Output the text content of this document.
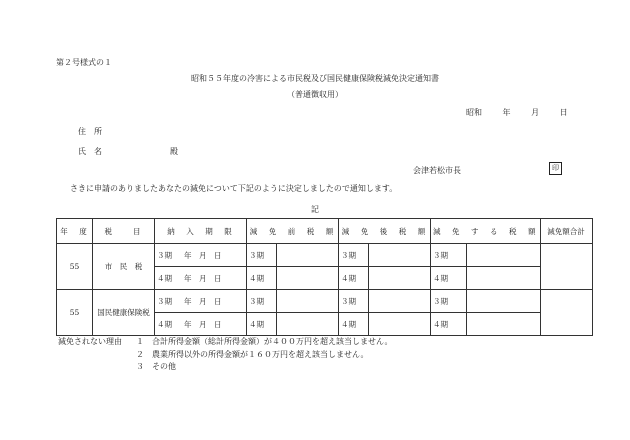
第２号様式の１
昭和５５年度の冷害による市民税及び国民健康保険税減免決定通知書
（普通徴収用）
昭和	年	月	日
住　所
氏　名	殿
会津若松市長	印
さきに申請のありましたあなたの減免について下記のように決定しましたので通知します。
記
年　度	税　　目	納　入　期　限	減　免　前　税　額		減　免　後　税　額		減　免　す　る　税　額		減免額合計
55	市　民　税	３期 年　月　日	３期		３期		３期		
		４期 年　月　日	４期		４期		４期		
55	国民健康保険税	３期 年　月　日	３期		３期		３期		
		４期 年　月　日	４期		４期		４期		
減免されない理由 １　合計所得金額（総計所得金額）が４００万円を超え該当しません。
２　農業所得以外の所得金額が１６０万円を超え該当しません。
３　その他
